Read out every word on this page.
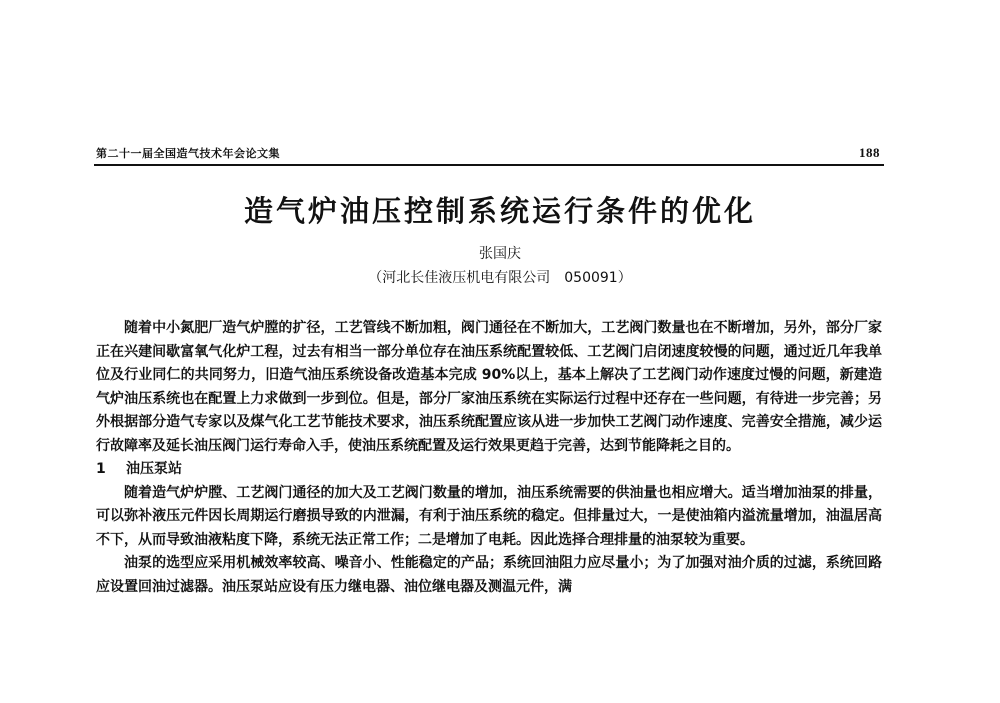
第二十一届全国造气技术年会论文集	188
造气炉油压控制系统运行条件的优化
张国庆
（河北长佳液压机电有限公司　050091）

随着中小氮肥厂造气炉膛的扩径，工艺管线不断加粗，阀门通径在不断加大，工艺阀门数量也在不断增加，另外，部分厂家正在兴建间歇富氧气化炉工程，过去有相当一部分单位存在油压系统配置较低、工艺阀门启闭速度较慢的问题，通过近几年我单位及行业同仁的共同努力，旧造气油压系统设备改造基本完成 90%以上，基本上解决了工艺阀门动作速度过慢的问题，新建造气炉油压系统也在配置上力求做到一步到位。但是，部分厂家油压系统在实际运行过程中还存在一些问题，有待进一步完善；另外根据部分造气专家以及煤气化工艺节能技术要求，油压系统配置应该从进一步加快工艺阀门动作速度、完善安全措施，减少运行故障率及延长油压阀门运行寿命入手，使油压系统配置及运行效果更趋于完善，达到节能降耗之目的。

1 油压泵站

随着造气炉炉膛、工艺阀门通径的加大及工艺阀门数量的增加，油压系统需要的供油量也相应增大。适当增加油泵的排量，可以弥补液压元件因长周期运行磨损导致的内泄漏，有利于油压系统的稳定。但排量过大，一是使油箱内溢流量增加，油温居高不下，从而导致油液粘度下降，系统无法正常工作；二是增加了电耗。因此选择合理排量的油泵较为重要。

油泵的选型应采用机械效率较高、噪音小、性能稳定的产品；系统回油阻力应尽量小；为了加强对油介质的过滤，系统回路应设置回油过滤器。油压泵站应设有压力继电器、油位继电器及测温元件，满
